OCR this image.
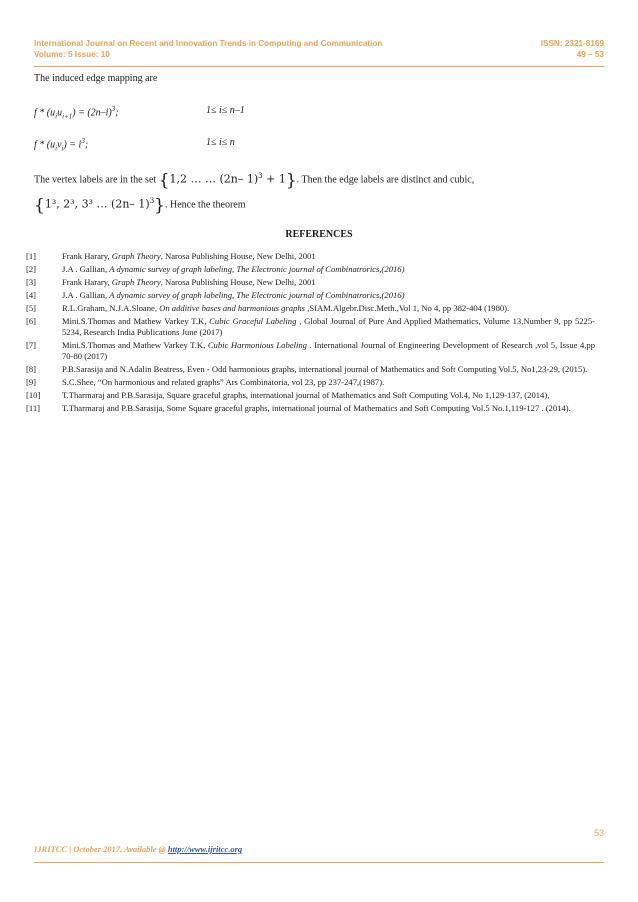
International Journal on Recent and Innovation Trends in Computing and Communication	ISSN: 2321-8169
Volume: 5 Issue: 10	49 – 53
The induced edge mapping are
$f * (u_iu_{i+1}) = (2n-i)^3$;	1≤ i≤ n–1
$f * (u_iv_i) = i^3$;	1≤ i≤ n
The vertex labels are in the set {1,2 … … (2n– 1)$^3$ + 1}. Then the edge labels are distinct and cubic,
{1³, 2³, 3³ … (2n– 1)$^3$}. Hence the theorem
REFERENCES
[1]	Frank Harary, Graph Theory, Narosa Publishing House, New Delhi, 2001
[2]	J.A . Gallian, A dynamic survey of graph labeling, The Electronic journal of Combinatrorics,(2016)
[3]	Frank Harary, Graph Theory, Narosa Publishing House, New Delhi, 2001
[4]	J.A . Gallian, A dynamic survey of graph labeling, The Electronic journal of Combinatrorics,(2016)
[5]	R.L.Graham, N.J.A.Sloane, On additive bases and harmonious graphs ,SIAM.Algebr.Disc.Meth.,Vol 1, No 4, pp 382-404 (1980).
[6]	Mini.S.Thomas and Mathew Varkey T.K, Cubic Graceful Labeling , Global Journal of Pure And Applied Mathematics, Volume 13,Number 9, pp 5225-5234, Research India Publications June (2017)
[7]	Mini.S.Thomas and Mathew Varkey T.K, Cubic Harmonious Labeling . International Journal of Engineering Development of Research ,vol 5, Issue 4,pp 70-80 (2017)
[8]	P.B.Sarasija and N.Adalin Beatress, Even - Odd harmonious graphs, international journal of Mathematics and Soft Computing Vol.5, No1,23-29, (2015).
[9]	S.C.Shee, “On harmonious and related graphs” Ars Combinatoria, vol 23, pp 237-247,(1987).
[10]	T.Tharmaraj and P.B.Sarasija, Square graceful graphs, international journal of Mathematics and Soft Computing Vol.4, No 1,129-137, (2014),
[11]	T.Tharmaraj and P.B.Sarasija, Some Square graceful graphs, international journal of Mathematics and Soft Computing Vol.5 No.1,119-127 . (2014).
53
IJRITCC | October 2017, Available @ http://www.ijritcc.org
